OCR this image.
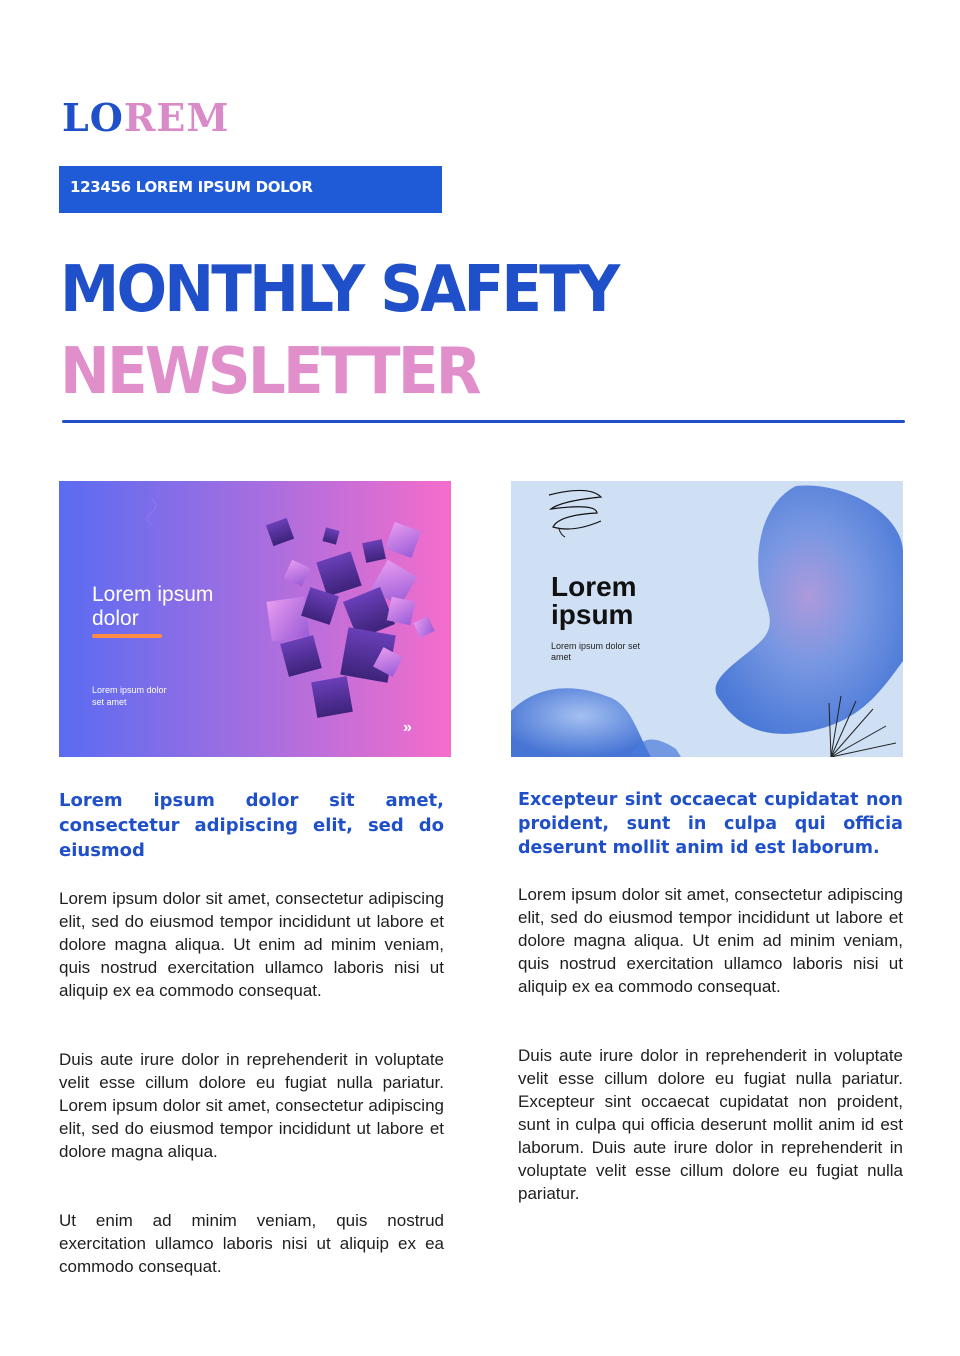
LOREM
123456 LOREM IPSUM DOLOR
MONTHLY SAFETY
NEWSLETTER
Lorem ipsum dolor
Lorem ipsum dolor set amet
»
Lorem ipsum
Lorem ipsum dolor set amet
Lorem ipsum dolor sit amet, consectetur adipiscing elit, sed do eiusmod

Lorem ipsum dolor sit amet, consectetur adipiscing elit, sed do eiusmod tempor incididunt ut labore et dolore magna aliqua. Ut enim ad minim veniam, quis nostrud exercitation ullamco laboris nisi ut aliquip ex ea commodo consequat.

Duis aute irure dolor in reprehenderit in voluptate velit esse cillum dolore eu fugiat nulla pariatur. Lorem ipsum dolor sit amet, consectetur adipiscing elit, sed do eiusmod tempor incididunt ut labore et dolore magna aliqua.

Ut enim ad minim veniam, quis nostrud exercitation ullamco laboris nisi ut aliquip ex ea commodo consequat.

Excepteur sint occaecat cupidatat non proident, sunt in culpa qui officia deserunt mollit anim id est laborum.

Lorem ipsum dolor sit amet, consectetur adipiscing elit, sed do eiusmod tempor incididunt ut labore et dolore magna aliqua. Ut enim ad minim veniam, quis nostrud exercitation ullamco laboris nisi ut aliquip ex ea commodo consequat.

Duis aute irure dolor in reprehenderit in voluptate velit esse cillum dolore eu fugiat nulla pariatur. Excepteur sint occaecat cupidatat non proident, sunt in culpa qui officia deserunt mollit anim id est laborum. Duis aute irure dolor in reprehenderit in voluptate velit esse cillum dolore eu fugiat nulla pariatur.
